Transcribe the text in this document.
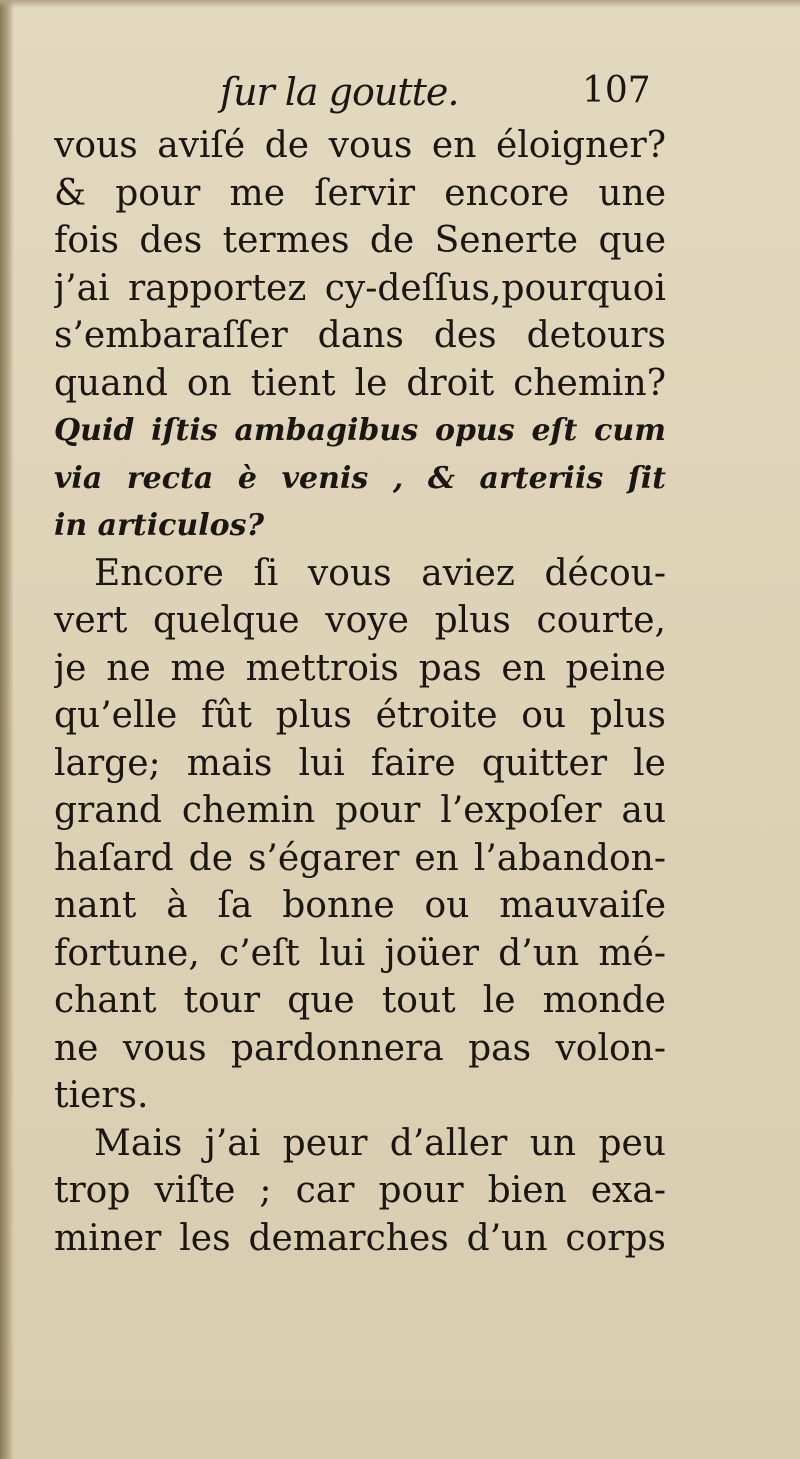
ſur la goutte.	107
vous aviſé de vous en éloigner?
& pour me ſervir encore une
fois des termes de Senerte que
j’ai rapportez cy-deſſus,pourquoi
s’embaraſſer dans des detours
quand on tient le droit chemin?
Quid iſtis ambagibus opus eſt cum
via recta è venis , & arteriis ſit
in articulos?
Encore ſi vous aviez décou-
vert quelque voye plus courte,
je ne me mettrois pas en peine
qu’elle fût plus étroite ou plus
large; mais lui faire quitter le
grand chemin pour l’expoſer au
haſard de s’égarer en l’abandon-
nant à ſa bonne ou mauvaiſe
fortune, c’eſt lui joüer d’un mé-
chant tour que tout le monde
ne vous pardonnera pas volon-
tiers.
Mais j’ai peur d’aller un peu
trop viſte ; car pour bien exa-
miner les demarches d’un corps
